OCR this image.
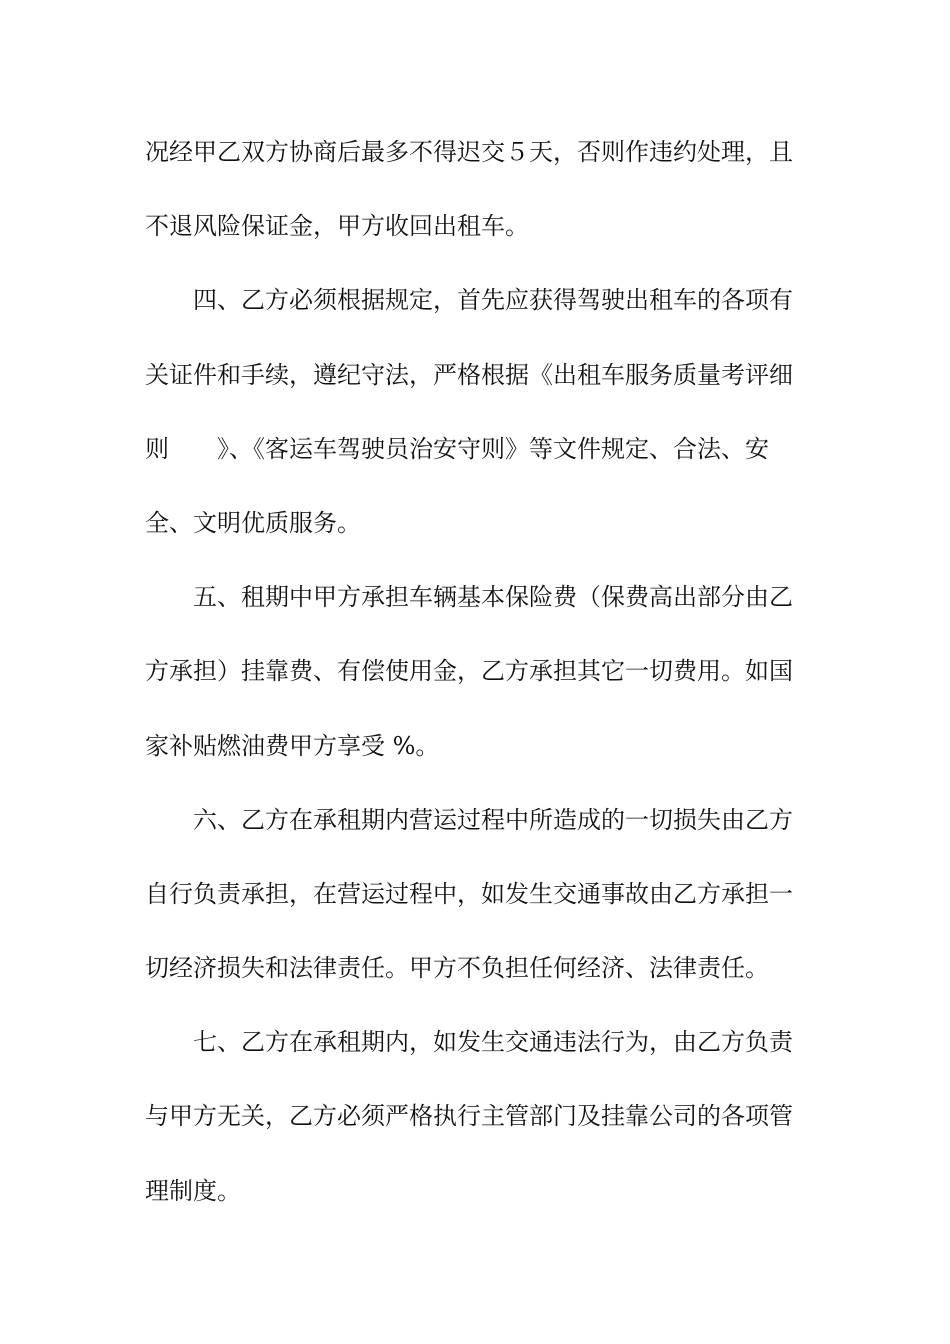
况经甲乙双方协商后最多不得迟交５天，否则作违约处理，且
不退风险保证金，甲方收回出租车。
四、乙方必须根据规定，首先应获得驾驶出租车的各项有
关证件和手续，遵纪守法，严格根据《出租车服务质量考评细
则　　》、《客运车驾驶员治安守则》等文件规定、合法、安
全、文明优质服务。
五、租期中甲方承担车辆基本保险费（保费高出部分由乙
方承担）挂靠费、有偿使用金，乙方承担其它一切费用。如国
家补贴燃油费甲方享受 %。
六、乙方在承租期内营运过程中所造成的一切损失由乙方
自行负责承担，在营运过程中，如发生交通事故由乙方承担一
切经济损失和法律责任。甲方不负担任何经济、法律责任。
七、乙方在承租期内，如发生交通违法行为，由乙方负责
与甲方无关，乙方必须严格执行主管部门及挂靠公司的各项管
理制度。
